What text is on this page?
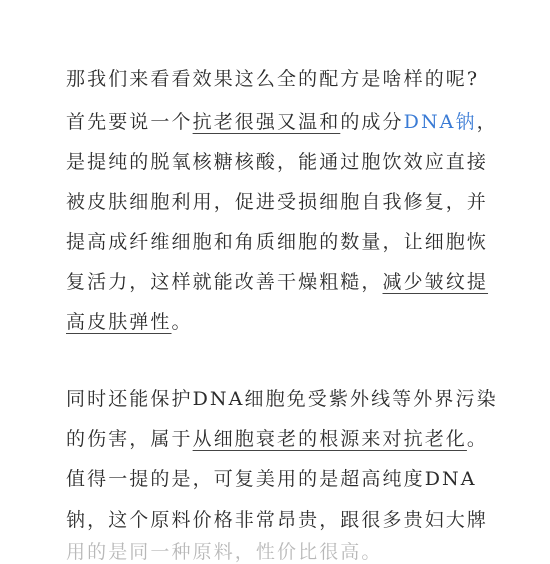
那我们来看看效果这么全的配方是啥样的呢?
首先要说一个抗老很强又温和的成分DNA钠，
是提纯的脱氧核糖核酸，能通过胞饮效应直接
被皮肤细胞利用，促进受损细胞自我修复，并
提高成纤维细胞和角质细胞的数量，让细胞恢
复活力，这样就能改善干燥粗糙，减少皱纹提
高皮肤弹性。
同时还能保护DNA细胞免受紫外线等外界污染
的伤害，属于从细胞衰老的根源来对抗老化。
值得一提的是，可复美用的是超高纯度DNA
钠，这个原料价格非常昂贵，跟很多贵妇大牌
用的是同一种原料，性价比很高。
